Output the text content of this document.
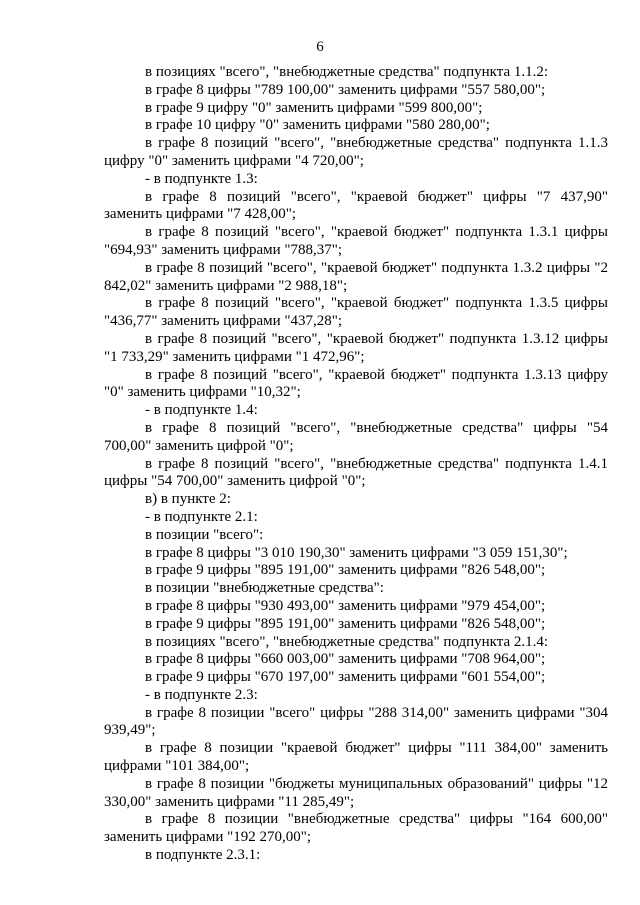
6

в позициях "всего", "внебюджетные средства" подпункта 1.1.2:

в графе 8 цифры "789 100,00" заменить цифрами "557 580,00";

в графе 9 цифру "0" заменить цифрами "599 800,00";

в графе 10 цифру "0" заменить цифрами "580 280,00";

в графе 8 позиций "всего", "внебюджетные средства" подпункта 1.1.3 цифру "0" заменить цифрами "4 720,00";

- в подпункте 1.3:

в графе 8 позиций "всего", "краевой бюджет" цифры "7 437,90" заменить цифрами "7 428,00";

в графе 8 позиций "всего", "краевой бюджет" подпункта 1.3.1 цифры "694,93" заменить цифрами "788,37";

в графе 8 позиций "всего", "краевой бюджет" подпункта 1.3.2 цифры "2 842,02" заменить цифрами "2 988,18";

в графе 8 позиций "всего", "краевой бюджет" подпункта 1.3.5 цифры "436,77" заменить цифрами "437,28";

в графе 8 позиций "всего", "краевой бюджет" подпункта 1.3.12 цифры "1 733,29" заменить цифрами "1 472,96";

в графе 8 позиций "всего", "краевой бюджет" подпункта 1.3.13 цифру "0" заменить цифрами "10,32";

- в подпункте 1.4:

в графе 8 позиций "всего", "внебюджетные средства" цифры "54 700,00" заменить цифрой "0";

в графе 8 позиций "всего", "внебюджетные средства" подпункта 1.4.1 цифры "54 700,00" заменить цифрой "0";

в) в пункте 2:

- в подпункте 2.1:

в позиции "всего":

в графе 8 цифры "3 010 190,30" заменить цифрами "3 059 151,30";

в графе 9 цифры "895 191,00" заменить цифрами "826 548,00";

в позиции "внебюджетные средства":

в графе 8 цифры "930 493,00" заменить цифрами "979 454,00";

в графе 9 цифры "895 191,00" заменить цифрами "826 548,00";

в позициях "всего", "внебюджетные средства" подпункта 2.1.4:

в графе 8 цифры "660 003,00" заменить цифрами "708 964,00";

в графе 9 цифры "670 197,00" заменить цифрами "601 554,00";

- в подпункте 2.3:

в графе 8 позиции "всего" цифры "288 314,00" заменить цифрами "304 939,49";

в графе 8 позиции "краевой бюджет" цифры "111 384,00" заменить цифрами "101 384,00";

в графе 8 позиции "бюджеты муниципальных образований" цифры "12 330,00" заменить цифрами "11 285,49";

в графе 8 позиции "внебюджетные средства" цифры "164 600,00" заменить цифрами "192 270,00";

в подпункте 2.3.1:
